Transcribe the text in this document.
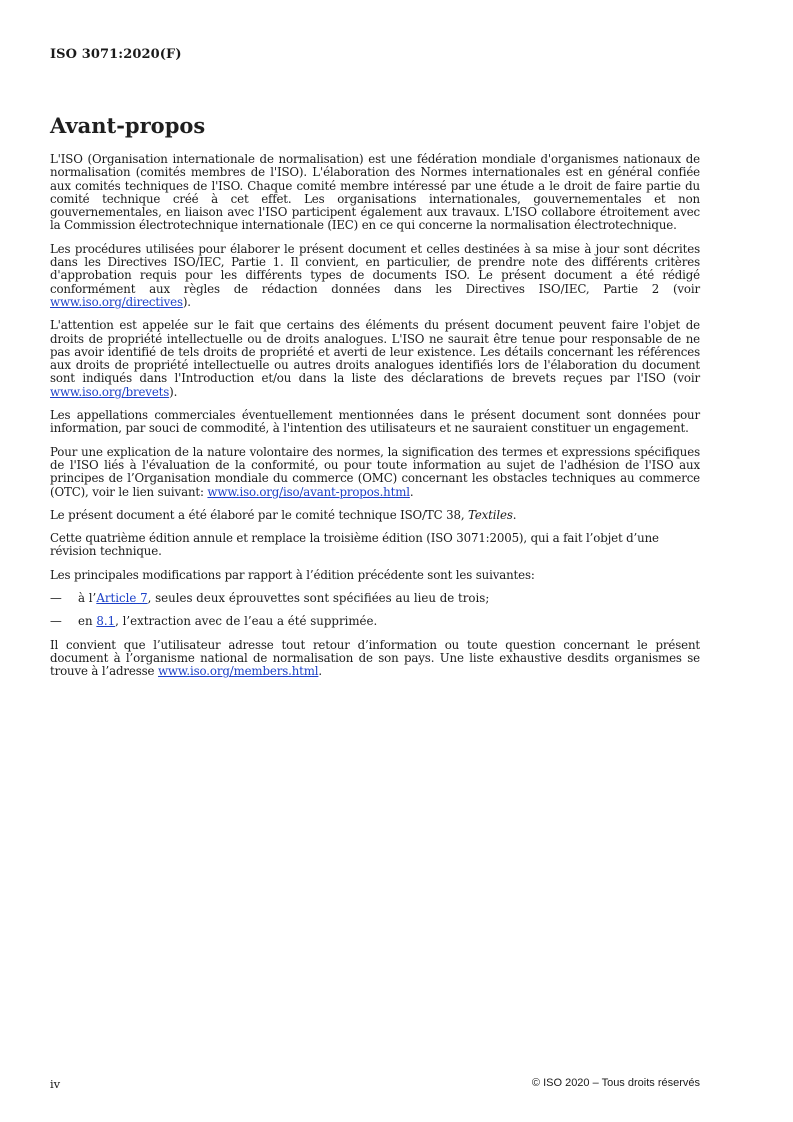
ISO 3071:2020(F)
Avant-propos

L'ISO (Organisation internationale de normalisation) est une fédération mondiale d'organismes nationaux de normalisation (comités membres de l'ISO). L'élaboration des Normes internationales est en général confiée aux comités techniques de l'ISO. Chaque comité membre intéressé par une étude a le droit de faire partie du comité technique créé à cet effet. Les organisations internationales, gouvernementales et non gouvernementales, en liaison avec l'ISO participent également aux travaux. L'ISO collabore étroitement avec la Commission électrotechnique internationale (IEC) en ce qui concerne la normalisation électrotechnique.

Les procédures utilisées pour élaborer le présent document et celles destinées à sa mise à jour sont décrites dans les Directives ISO/IEC, Partie 1. Il convient, en particulier, de prendre note des différents critères d'approbation requis pour les différents types de documents ISO. Le présent document a été rédigé conformément aux règles de rédaction données dans les Directives ISO/IEC, Partie 2 (voir www.iso.org/directives).

L'attention est appelée sur le fait que certains des éléments du présent document peuvent faire l'objet de droits de propriété intellectuelle ou de droits analogues. L'ISO ne saurait être tenue pour responsable de ne pas avoir identifié de tels droits de propriété et averti de leur existence. Les détails concernant les références aux droits de propriété intellectuelle ou autres droits analogues identifiés lors de l'élaboration du document sont indiqués dans l'Introduction et/ou dans la liste des déclarations de brevets reçues par l'ISO (voir www.iso.org/brevets).

Les appellations commerciales éventuellement mentionnées dans le présent document sont données pour information, par souci de commodité, à l'intention des utilisateurs et ne sauraient constituer un engagement.

Pour une explication de la nature volontaire des normes, la signification des termes et expressions spécifiques de l'ISO liés à l'évaluation de la conformité, ou pour toute information au sujet de l'adhésion de l'ISO aux principes de l’Organisation mondiale du commerce (OMC) concernant les obstacles techniques au commerce (OTC), voir le lien suivant: www.iso.org/iso/avant-propos.html.

Le présent document a été élaboré par le comité technique ISO/TC 38, Textiles.

Cette quatrième édition annule et remplace la troisième édition (ISO 3071:2005), qui a fait l’objet d’une révision technique.

Les principales modifications par rapport à l’édition précédente sont les suivantes:

—	à l’Article 7, seules deux éprouvettes sont spécifiées au lieu de trois;
—	en 8.1, l’extraction avec de l’eau a été supprimée.

Il convient que l’utilisateur adresse tout retour d’information ou toute question concernant le présent document à l’organisme national de normalisation de son pays. Une liste exhaustive desdits organismes se trouve à l’adresse www.iso.org/members.html.

iv	© ISO 2020 – Tous droits réservés
